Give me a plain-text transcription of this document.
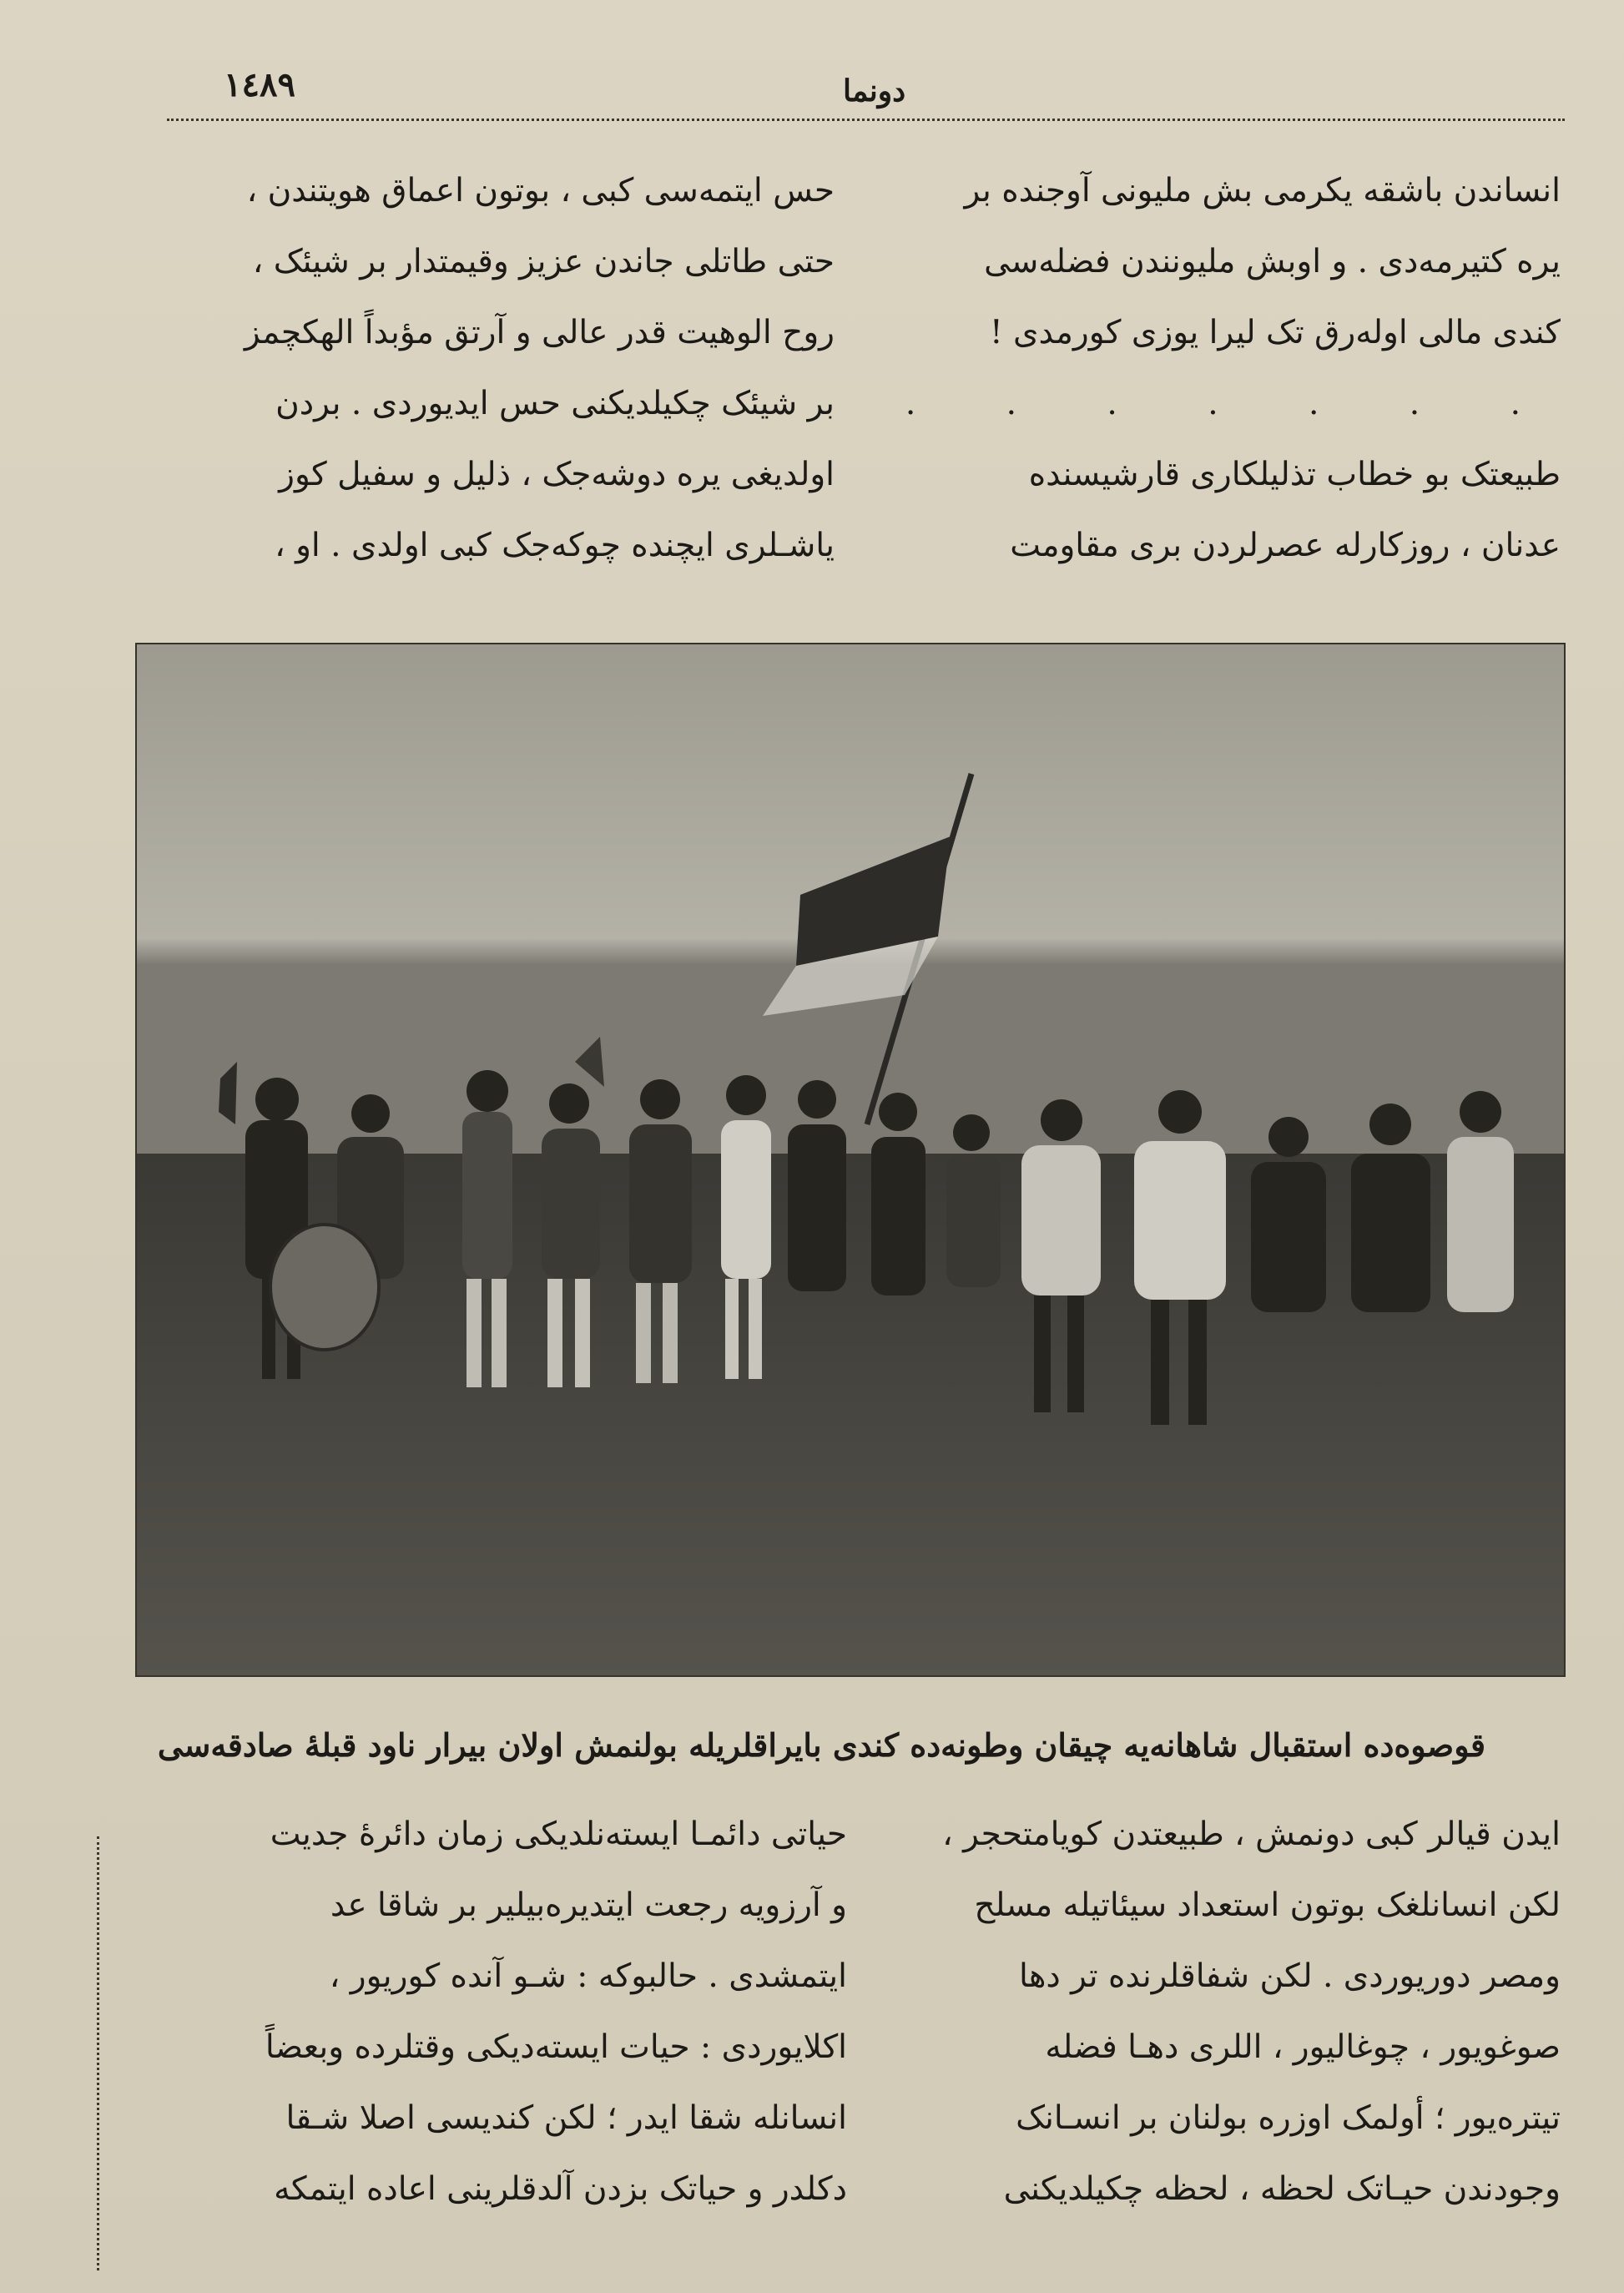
١٤٨٩	دونما

انساندن باشقه یکرمی بش ملیونی آوجنده بر

یره کتیرمه‌دی . و اوبش ملیونندن فضله‌سی

کندی مالی اوله‌رق تک لیرا یوزی کورمدی !

. . . . . . .

طبیعتک بو خطاب تذلیلکاری قارشیسنده

عدنان ، روزکارله عصرلردن بری مقاومت

حس ایتمه‌سی کبی ، بوتون اعماق هویتندن ،

حتی طاتلی جاندن عزیز وقیمتدار بر شیئک ،

روح الوهیت قدر عالی و آرتق مؤبداً الهکچمز

بر شیئک چکیلدیکنی حس ایدیوردی . بردن

اولدیغی یره دوشه‌جک ، ذلیل و سفیل کوز

یاشـلری ایچنده چوکه‌جک کبی اولدی . او ،

قوصوه‌ده استقبال شاهانه‌یه چیقان وطونه‌ده کندی بایراقلریله بولنمش اولان بیرار ناود قبلهٔ صادقه‌سی

ایدن قیالر کبی دونمش ، طبیعتدن کویامتحجر ،

لکن انسانلغک بوتون استعداد سیئاتیله مسلح

ومصر دوریوردی . لکن شفاقلرنده تر دها

صوغویور ، چوغالیور ، اللری دهـا فضله

تیتره‌یور ؛ أولمک اوزره بولنان بر انسـانک

وجودندن حیـاتک لحظه ، لحظه چکیلدیکنی

حیاتی دائمـا ایسته‌نلدیکی زمان دائرهٔ جدیت

و آرزویه رجعت ایتدیره‌بیلیر بر شاقا عد

ایتمشدی . حالبوکه : شـو آنده کوریور ،

اکلایوردی : حیات ایسته‌دیکی وقتلرده وبعضاً

انسانله شقا ایدر ؛ لکن کندیسی اصلا شـقا

دکلدر و حیاتک بزدن آلدقلرینی اعاده ایتمکه
